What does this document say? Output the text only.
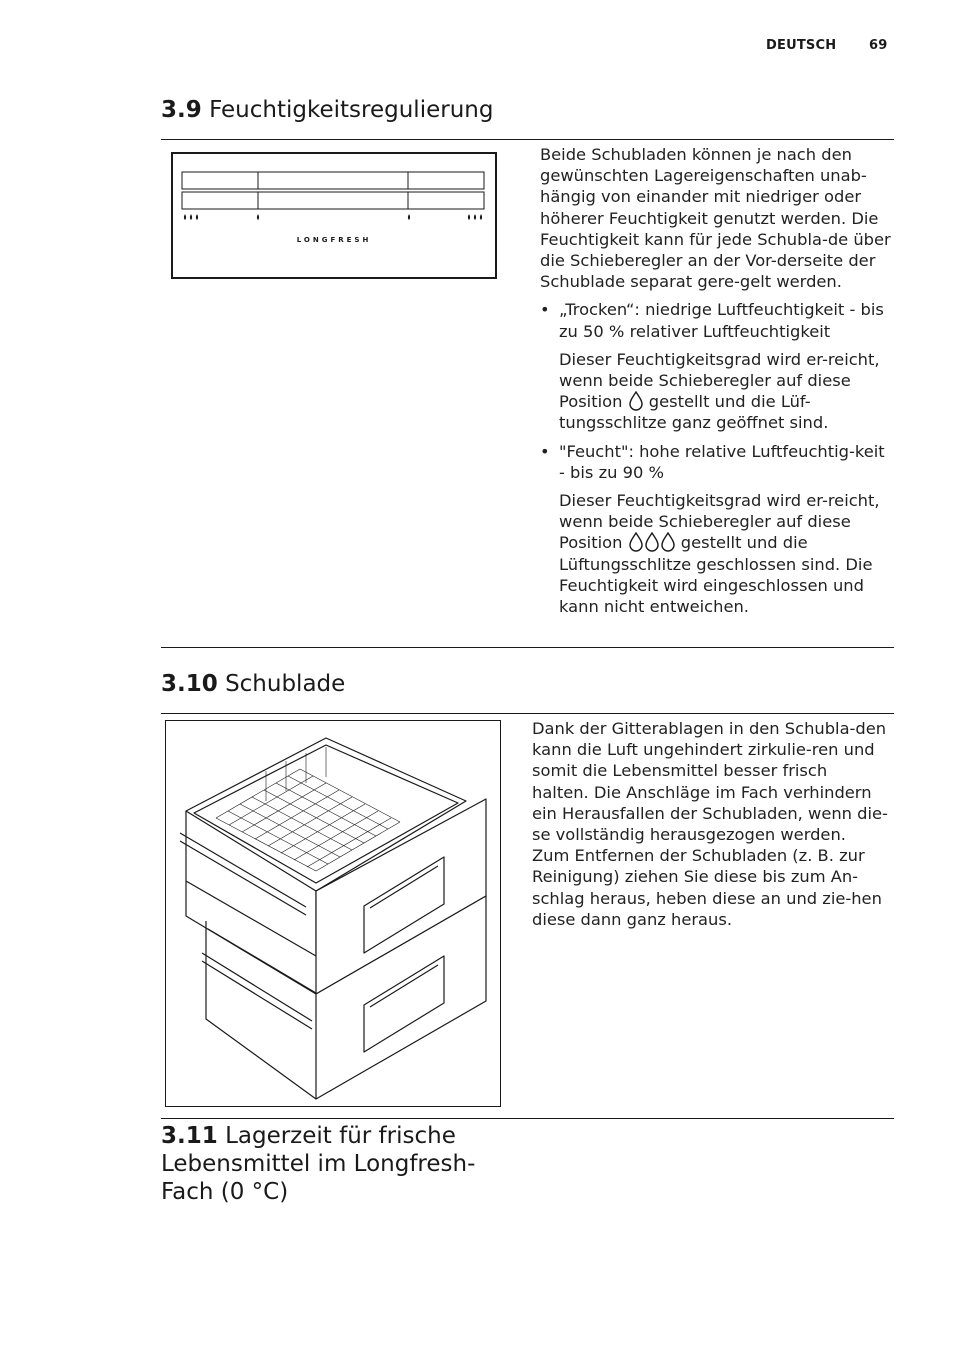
DEUTSCH	69
3.9 Feuchtigkeitsregulierung
LONGFRESH

Beide Schubladen können je nach den gewünschten Lagereigenschaften unab-hängig von einander mit niedriger oder höherer Feuchtigkeit genutzt werden. Die Feuchtigkeit kann für jede Schubla-de über die Schieberegler an der Vor-derseite der Schublade separat gere-gelt werden.

• „Trocken“: niedrige Luftfeuchtigkeit - bis zu 50 % relativer Luftfeuchtigkeit

Dieser Feuchtigkeitsgrad wird er-reicht, wenn beide Schieberegler auf diese Position gestellt und die Lüf-tungsschlitze ganz geöffnet sind.

• "Feucht": hohe relative Luftfeuchtig-keit - bis zu 90 %

Dieser Feuchtigkeitsgrad wird er-reicht, wenn beide Schieberegler auf diese Position	gestellt und die Lüftungsschlitze geschlossen sind. Die Feuchtigkeit wird eingeschlossen und kann nicht entweichen.

3.10 Schublade

Dank der Gitterablagen in den Schubla-den kann die Luft ungehindert zirkulie-ren und somit die Lebensmittel besser frisch halten. Die Anschläge im Fach verhindern ein Herausfallen der Schubladen, wenn die-se vollständig herausgezogen werden. Zum Entfernen der Schubladen (z. B. zur Reinigung) ziehen Sie diese bis zum An-schlag heraus, heben diese an und zie-hen diese dann ganz heraus.

3.11 Lagerzeit für frische Lebensmittel im Longfresh-Fach (0 °C)
